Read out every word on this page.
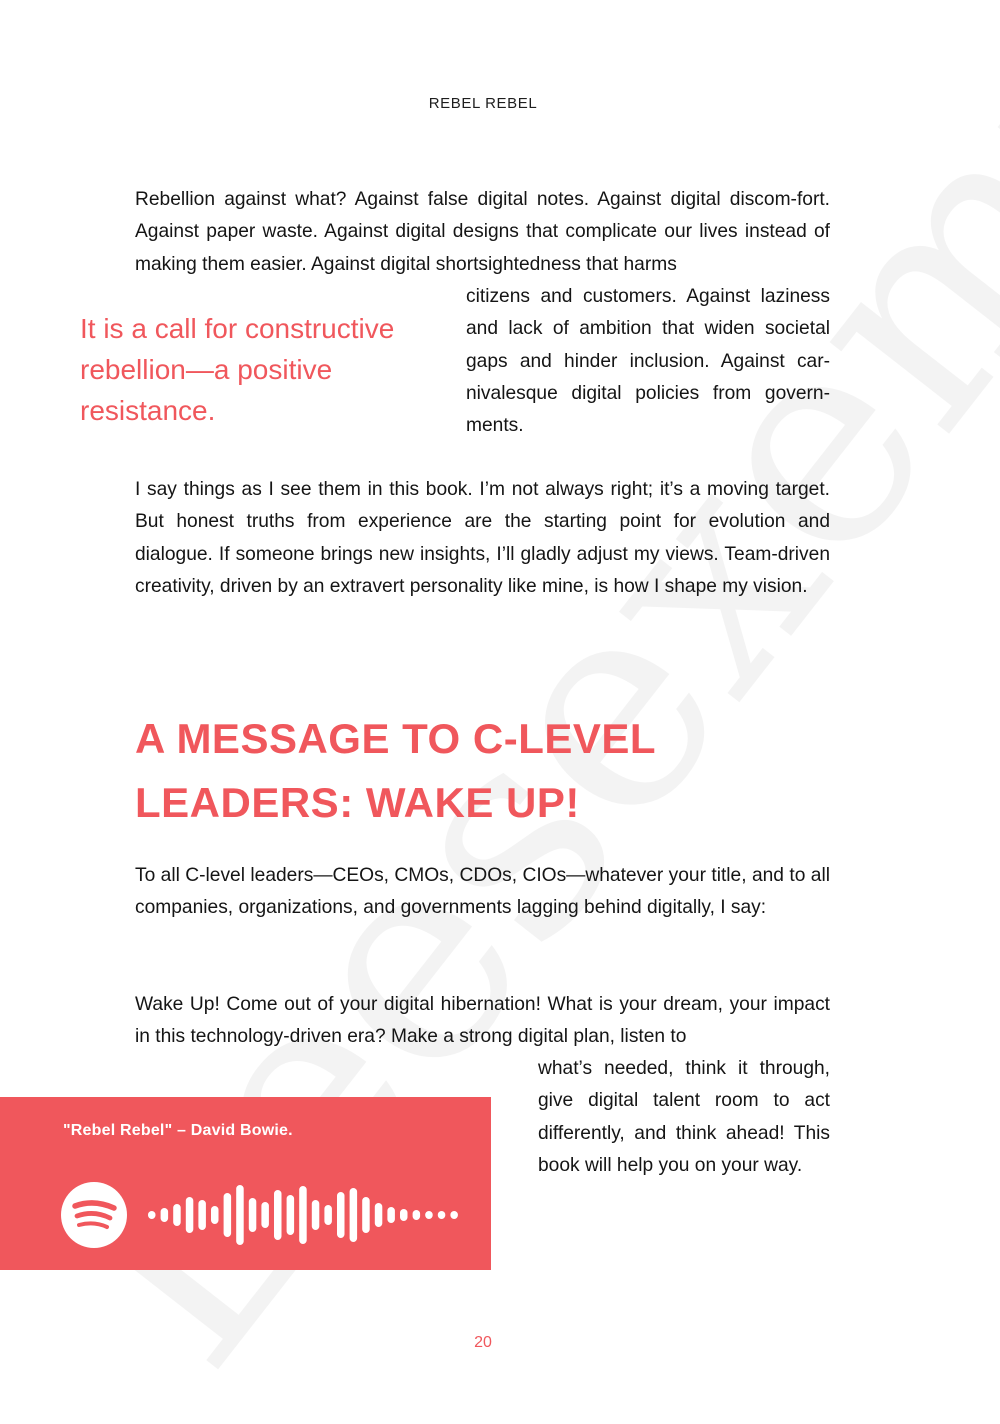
REBEL REBEL

Rebellion against what? Against false digital notes. Against digital discom-fort. Against paper waste. Against digital designs that complicate our lives instead of making them easier. Against digital shortsightedness that harms

citizens and customers. Against laziness and lack of ambition that widen societal gaps and hinder inclusion. Against car-nivalesque digital policies from govern-ments.

It is a call for constructive rebellion—a positive resistance.

I say things as I see them in this book. I’m not always right; it’s a moving target. But honest truths from experience are the starting point for evolution and dialogue. If someone brings new insights, I’ll gladly adjust my views. Team-driven creativity, driven by an extravert personality like mine, is how I shape my vision.

A MESSAGE TO C-LEVEL LEADERS: WAKE UP!

To all C-level leaders—CEOs, CMOs, CDOs, CIOs—whatever your title, and to all companies, organizations, and governments lagging behind digitally, I say:

Wake Up! Come out of your digital hibernation! What is your dream, your impact in this technology-driven era? Make a strong digital plan, listen to

what’s needed, think it through, give digital talent room to act differently, and think ahead! This book will help you on your way.

"Rebel Rebel" – David Bowie.
20
